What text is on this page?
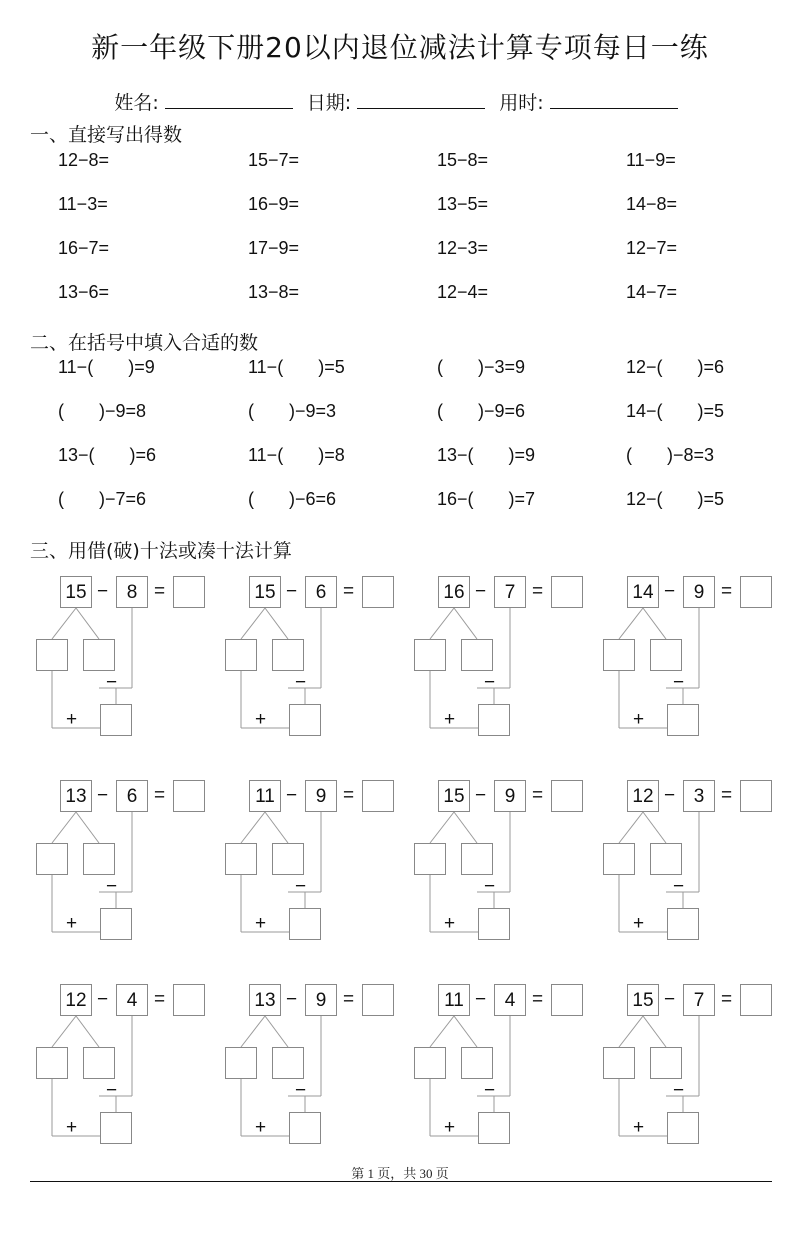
新一年级下册20以内退位减法计算专项每日一练
姓名:	日期:	用时:
一、直接写出得数
12−8=	15−7=	15−8=	11−9=
11−3=	16−9=	13−5=	14−8=
16−7=	17−9=	12−3=	12−7=
13−6=	13−8=	12−4=	14−7=
二、在括号中填入合适的数
11−(       )=9	11−(       )=5	(       )−3=9	12−(       )=6
(       )−9=8	(       )−9=3	(       )−9=6	14−(       )=5
13−(       )=6	11−(       )=8	13−(       )=9	(       )−8=3
(       )−7=6	(       )−6=6	16−(       )=7	12−(       )=5
三、用借(破)十法或凑十法计算
15 − 8 =
−
+
15 − 6 =
−
+
16 − 7 =
−
+
14 − 9 =
−
+
13 − 6 =
−
+
11 − 9 =
−
+
15 − 9 =
−
+
12 − 3 =
−
+
12 − 4 =
−
+
13 − 9 =
−
+
11 − 4 =
−
+
15 − 7 =
−
+
第 1 页，共 30 页
